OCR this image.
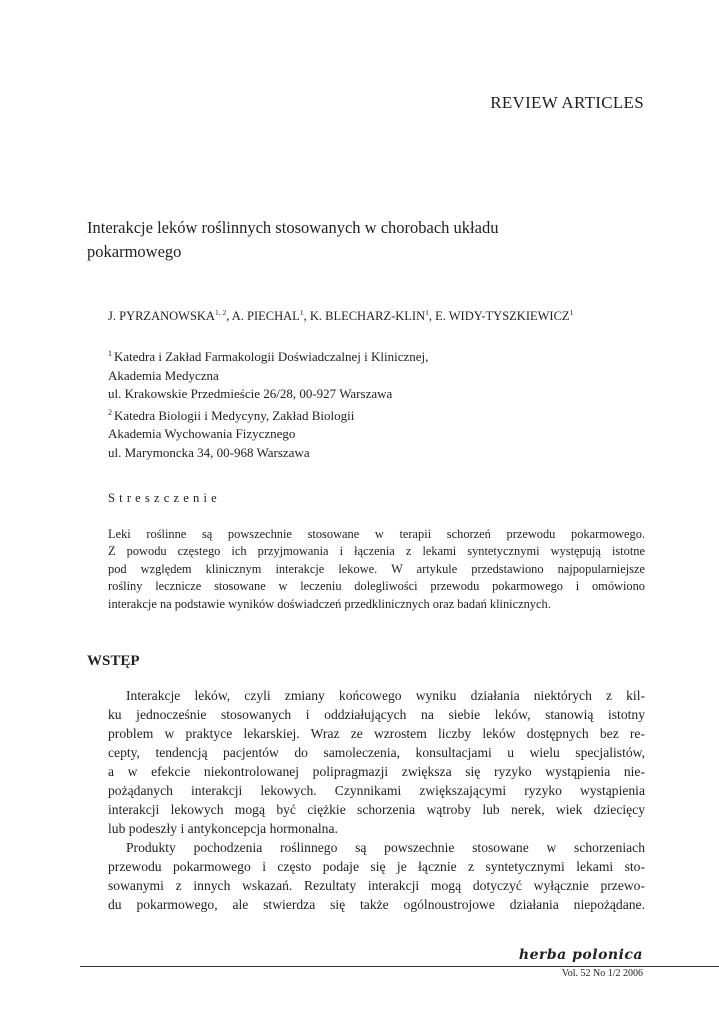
REVIEW ARTICLES
Interakcje leków roślinnych stosowanych w chorobach układu
pokarmowego
J. PYRZANOWSKA$^{1, 2}$, A. PIECHAL$^1$, K. BLECHARZ-KLIN$^1$, E. WIDY-TYSZKIEWICZ$^1$
$^1$ Katedra i Zakład Farmakologii Doświadczalnej i Klinicznej,
Akademia Medyczna
ul. Krakowskie Przedmieście 26/28, 00-927 Warszawa
$^2$ Katedra Biologii i Medycyny, Zakład Biologii
Akademia Wychowania Fizycznego
ul. Marymoncka 34, 00-968 Warszawa
Streszczenie
Leki roślinne są powszechnie stosowane w terapii schorzeń przewodu pokarmowego.
Z powodu częstego ich przyjmowania i łączenia z lekami syntetycznymi występują istotne
pod względem klinicznym interakcje lekowe. W artykule przedstawiono najpopularniejsze
rośliny lecznicze stosowane w leczeniu dolegliwości przewodu pokarmowego i omówiono
interakcje na podstawie wyników doświadczeń przedklinicznych oraz badań klinicznych.
WSTĘP
Interakcje leków, czyli zmiany końcowego wyniku działania niektórych z kil-
ku jednocześnie stosowanych i oddziałujących na siebie leków, stanowią istotny
problem w praktyce lekarskiej. Wraz ze wzrostem liczby leków dostępnych bez re-
cepty, tendencją pacjentów do samoleczenia, konsultacjami u wielu specjalistów,
a w efekcie niekontrolowanej polipragmazji zwiększa się ryzyko wystąpienia nie-
pożądanych interakcji lekowych. Czynnikami zwiększającymi ryzyko wystąpienia
interakcji lekowych mogą być ciężkie schorzenia wątroby lub nerek, wiek dziecięcy
lub podeszły i antykoncepcja hormonalna.
Produkty pochodzenia roślinnego są powszechnie stosowane w schorzeniach
przewodu pokarmowego i często podaje się je łącznie z syntetycznymi lekami sto-
sowanymi z innych wskazań. Rezultaty interakcji mogą dotyczyć wyłącznie przewo-
du pokarmowego, ale stwierdza się także ogólnoustrojowe działania niepożądane.
herba polonica
Vol. 52 No 1/2 2006
